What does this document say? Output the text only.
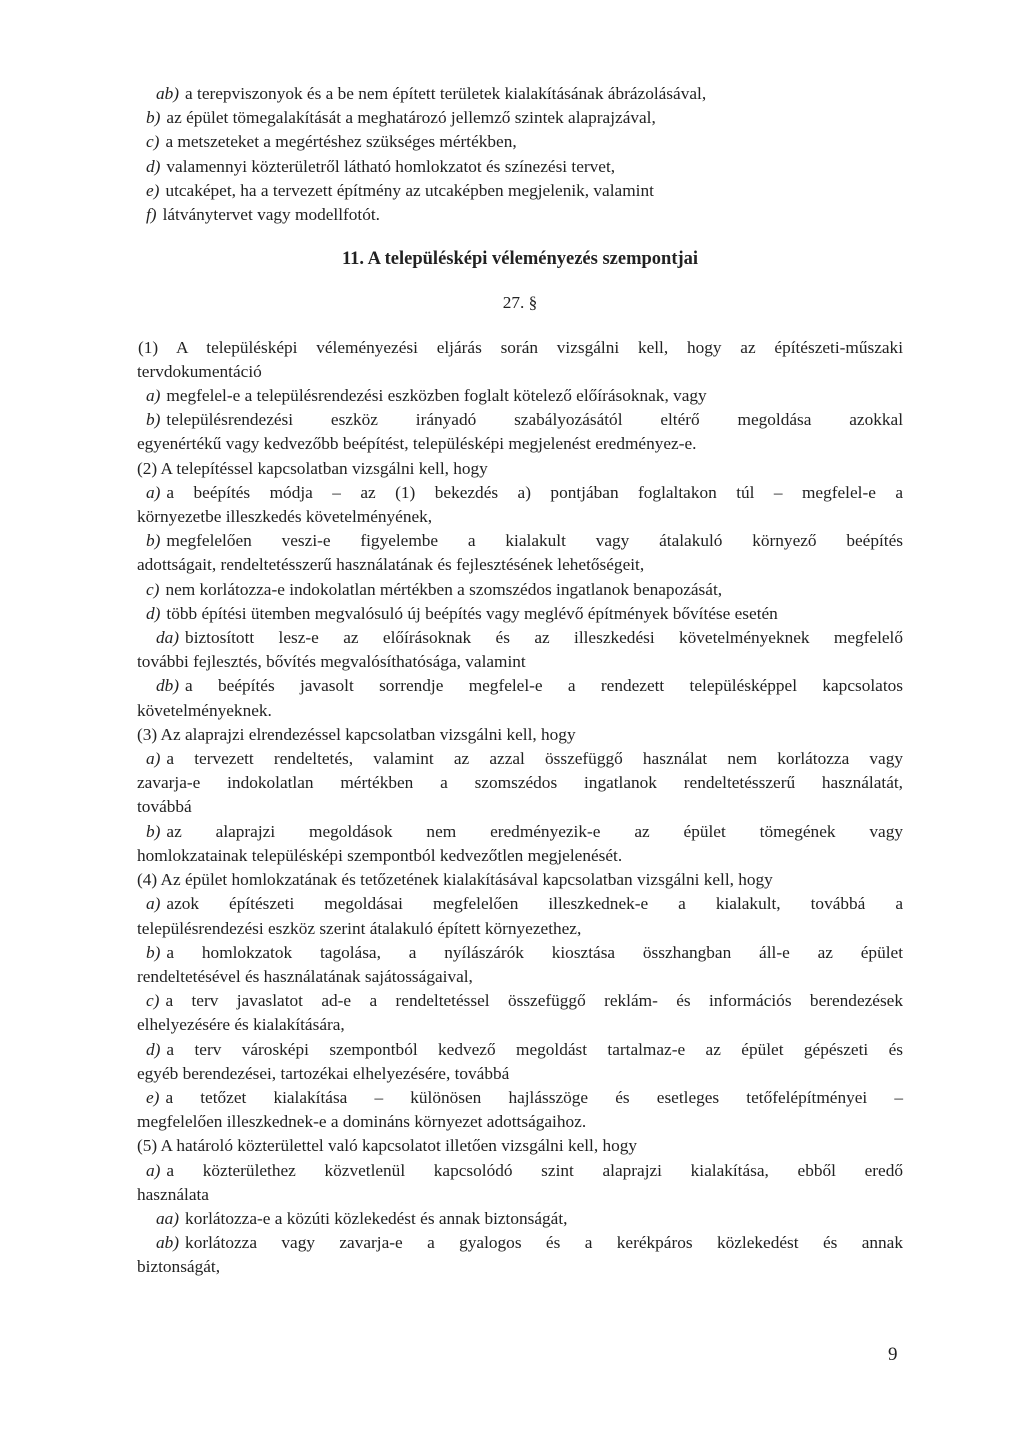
ab) a terepviszonyok és a be nem épített területek kialakításának ábrázolásával,
b) az épület tömegalakítását a meghatározó jellemző szintek alaprajzával,
c) a metszeteket a megértéshez szükséges mértékben,
d) valamennyi közterületről látható homlokzatot és színezési tervet,
e) utcaképet, ha a tervezett építmény az utcaképben megjelenik, valamint
f) látványtervet vagy modellfotót.
11. A településképi véleményezés szempontjai
27. §
(1) A településképi véleményezési eljárás során vizsgálni kell, hogy az építészeti-műszaki
tervdokumentáció
a) megfelel-e a településrendezési eszközben foglalt kötelező előírásoknak, vagy
b) településrendezési eszköz irányadó szabályozásától eltérő megoldása azokkal
egyenértékű vagy kedvezőbb beépítést, településképi megjelenést eredményez-e.
(2) A telepítéssel kapcsolatban vizsgálni kell, hogy
a) a beépítés módja – az (1) bekezdés a) pontjában foglaltakon túl – megfelel-e a
környezetbe illeszkedés követelményének,
b) megfelelően veszi-e figyelembe a kialakult vagy átalakuló környező beépítés
adottságait, rendeltetésszerű használatának és fejlesztésének lehetőségeit,
c) nem korlátozza-e indokolatlan mértékben a szomszédos ingatlanok benapozását,
d) több építési ütemben megvalósuló új beépítés vagy meglévő építmények bővítése esetén
da) biztosított lesz-e az előírásoknak és az illeszkedési követelményeknek megfelelő
további fejlesztés, bővítés megvalósíthatósága, valamint
db) a beépítés javasolt sorrendje megfelel-e a rendezett településképpel kapcsolatos
követelményeknek.
(3) Az alaprajzi elrendezéssel kapcsolatban vizsgálni kell, hogy
a) a tervezett rendeltetés, valamint az azzal összefüggő használat nem korlátozza vagy
zavarja-e indokolatlan mértékben a szomszédos ingatlanok rendeltetésszerű használatát,
továbbá
b) az alaprajzi megoldások nem eredményezik-e az épület tömegének vagy
homlokzatainak településképi szempontból kedvezőtlen megjelenését.
(4) Az épület homlokzatának és tetőzetének kialakításával kapcsolatban vizsgálni kell, hogy
a) azok építészeti megoldásai megfelelően illeszkednek-e a kialakult, továbbá a
településrendezési eszköz szerint átalakuló épített környezethez,
b) a homlokzatok tagolása, a nyílászárók kiosztása összhangban áll-e az épület
rendeltetésével és használatának sajátosságaival,
c) a terv javaslatot ad-e a rendeltetéssel összefüggő reklám- és információs berendezések
elhelyezésére és kialakítására,
d) a terv városképi szempontból kedvező megoldást tartalmaz-e az épület gépészeti és
egyéb berendezései, tartozékai elhelyezésére, továbbá
e) a tetőzet kialakítása – különösen hajlásszöge és esetleges tetőfelépítményei –
megfelelően illeszkednek-e a domináns környezet adottságaihoz.
(5) A határoló közterülettel való kapcsolatot illetően vizsgálni kell, hogy
a) a közterülethez közvetlenül kapcsolódó szint alaprajzi kialakítása, ebből eredő
használata
aa) korlátozza-e a közúti közlekedést és annak biztonságát,
ab) korlátozza vagy zavarja-e a gyalogos és a kerékpáros közlekedést és annak
biztonságát,
9
